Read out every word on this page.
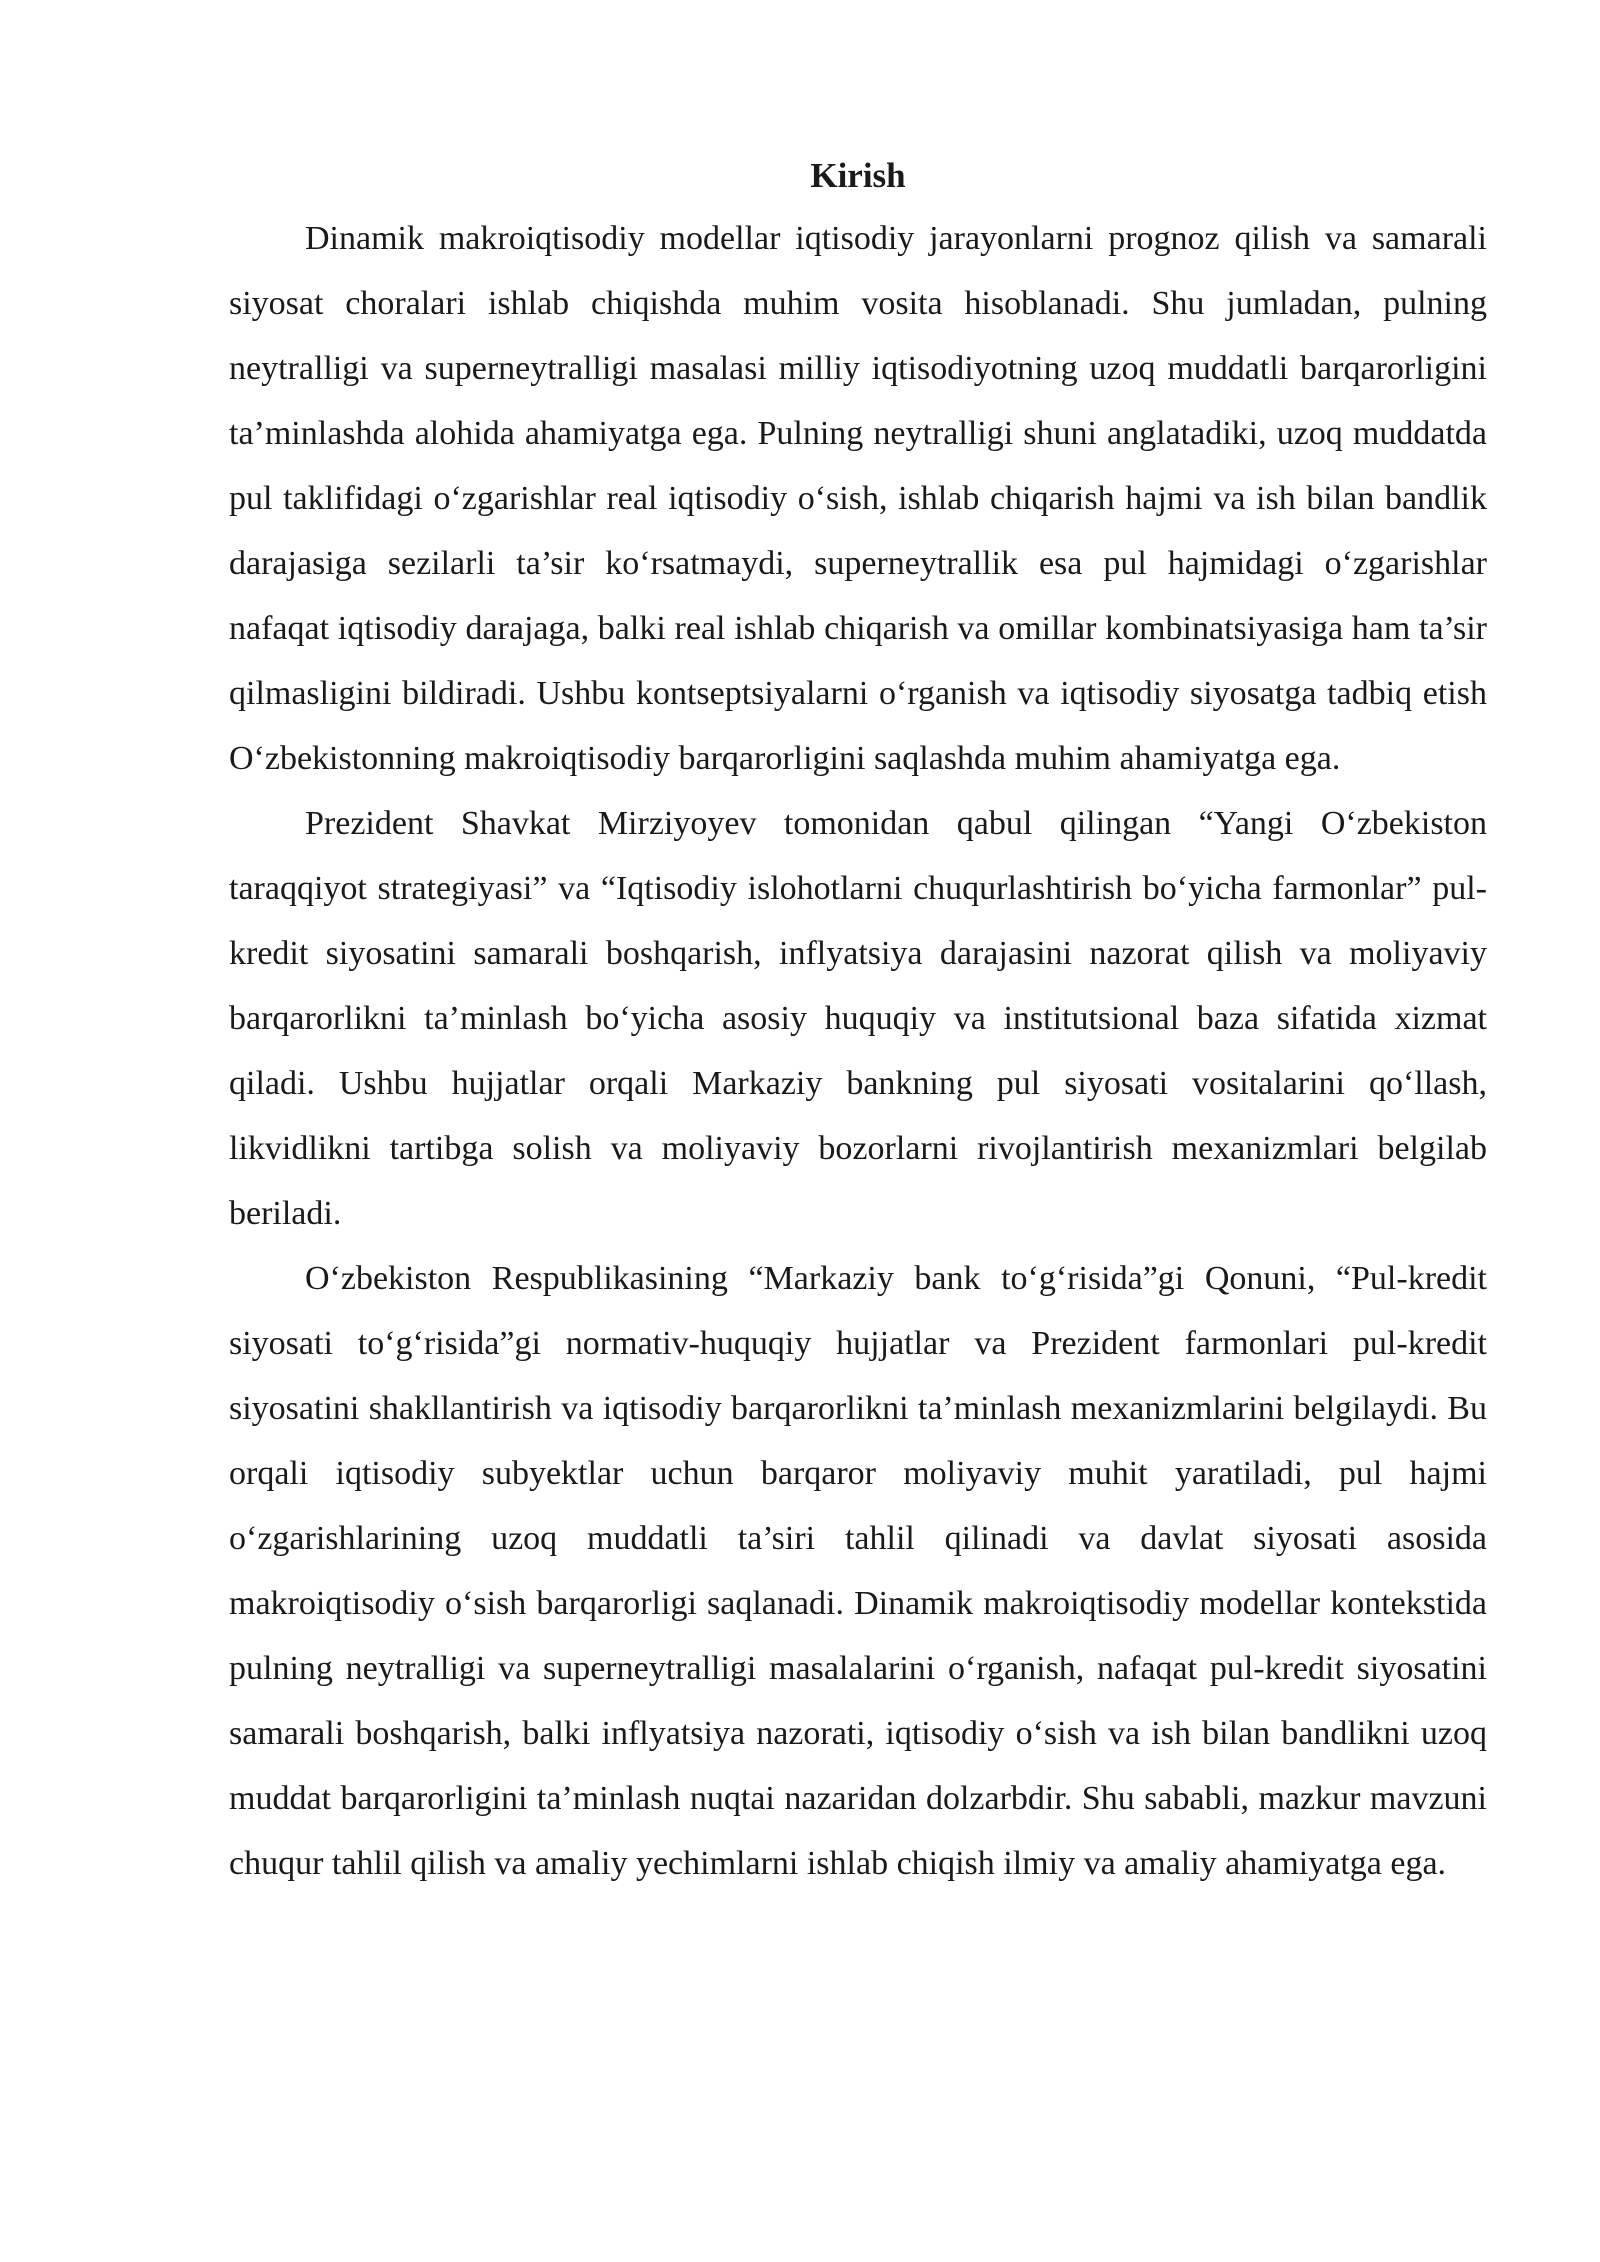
Kirish

Dinamik makroiqtisodiy modellar iqtisodiy jarayonlarni prognoz qilish va samarali siyosat choralari ishlab chiqishda muhim vosita hisoblanadi. Shu jumladan, pulning neytralligi va superneytralligi masalasi milliy iqtisodiyotning uzoq muddatli barqarorligini ta’minlashda alohida ahamiyatga ega. Pulning neytralligi shuni anglatadiki, uzoq muddatda pul taklifidagi o‘zgarishlar real iqtisodiy o‘sish, ishlab chiqarish hajmi va ish bilan bandlik darajasiga sezilarli ta’sir ko‘rsatmaydi, superneytrallik esa pul hajmidagi o‘zgarishlar nafaqat iqtisodiy darajaga, balki real ishlab chiqarish va omillar kombinatsiyasiga ham ta’sir qilmasligini bildiradi. Ushbu kontseptsiyalarni o‘rganish va iqtisodiy siyosatga tadbiq etish O‘zbekistonning makroiqtisodiy barqarorligini saqlashda muhim ahamiyatga ega.

Prezident Shavkat Mirziyoyev tomonidan qabul qilingan “Yangi O‘zbekiston taraqqiyot strategiyasi” va “Iqtisodiy islohotlarni chuqurlashtirish bo‘yicha farmonlar” pul-kredit siyosatini samarali boshqarish, inflyatsiya darajasini nazorat qilish va moliyaviy barqarorlikni ta’minlash bo‘yicha asosiy huquqiy va institutsional baza sifatida xizmat qiladi. Ushbu hujjatlar orqali Markaziy bankning pul siyosati vositalarini qo‘llash, likvidlikni tartibga solish va moliyaviy bozorlarni rivojlantirish mexanizmlari belgilab beriladi.

O‘zbekiston Respublikasining “Markaziy bank to‘g‘risida”gi Qonuni, “Pul-kredit siyosati to‘g‘risida”gi normativ-huquqiy hujjatlar va Prezident farmonlari pul-kredit siyosatini shakllantirish va iqtisodiy barqarorlikni ta’minlash mexanizmlarini belgilaydi. Bu orqali iqtisodiy subyektlar uchun barqaror moliyaviy muhit yaratiladi, pul hajmi o‘zgarishlarining uzoq muddatli ta’siri tahlil qilinadi va davlat siyosati asosida makroiqtisodiy o‘sish barqarorligi saqlanadi. Dinamik makroiqtisodiy modellar kontekstida pulning neytralligi va superneytralligi masalalarini o‘rganish, nafaqat pul-kredit siyosatini samarali boshqarish, balki inflyatsiya nazorati, iqtisodiy o‘sish va ish bilan bandlikni uzoq muddat barqarorligini ta’minlash nuqtai nazaridan dolzarbdir. Shu sababli, mazkur mavzuni chuqur tahlil qilish va amaliy yechimlarni ishlab chiqish ilmiy va amaliy ahamiyatga ega.
